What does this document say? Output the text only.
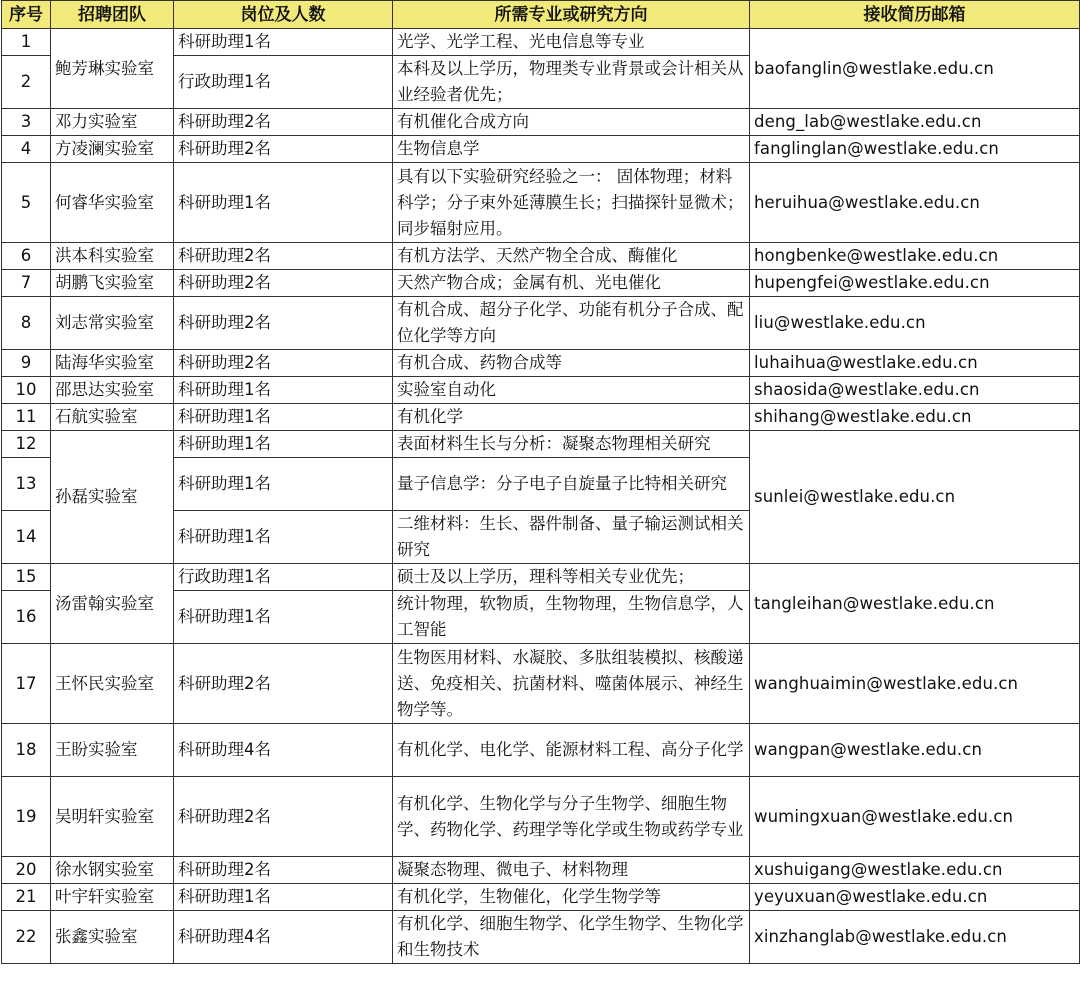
序号	招聘团队	岗位及人数	所需专业或研究方向	接收简历邮箱
1	鲍芳琳实验室	科研助理1名	光学、光学工程、光电信息等专业	baofanglin@westlake.edu.cn
2		行政助理1名	本科及以上学历，物理类专业背景或会计相关从业经验者优先；	
3	邓力实验室	科研助理2名	有机催化合成方向	deng_lab@westlake.edu.cn
4	方凌澜实验室	科研助理2名	生物信息学	fanglinglan@westlake.edu.cn
5	何睿华实验室	科研助理1名	具有以下实验研究经验之一： 固体物理；材料科学；分子束外延薄膜生长；扫描探针显微术；同步辐射应用。	heruihua@westlake.edu.cn
6	洪本科实验室	科研助理2名	有机方法学、天然产物全合成、酶催化	hongbenke@westlake.edu.cn
7	胡鹏飞实验室	科研助理2名	天然产物合成；金属有机、光电催化	hupengfei@westlake.edu.cn
8	刘志常实验室	科研助理2名	有机合成、超分子化学、功能有机分子合成、配位化学等方向	liu@westlake.edu.cn
9	陆海华实验室	科研助理2名	有机合成、药物合成等	luhaihua@westlake.edu.cn
10	邵思达实验室	科研助理1名	实验室自动化	shaosida@westlake.edu.cn
11	石航实验室	科研助理1名	有机化学	shihang@westlake.edu.cn
12	孙磊实验室	科研助理1名	表面材料生长与分析：凝聚态物理相关研究	sunlei@westlake.edu.cn
13		科研助理1名	量子信息学：分子电子自旋量子比特相关研究	
14		科研助理1名	二维材料：生长、器件制备、量子输运测试相关研究	
15	汤雷翰实验室	行政助理1名	硕士及以上学历，理科等相关专业优先；	tangleihan@westlake.edu.cn
16		科研助理1名	统计物理，软物质，生物物理，生物信息学，人工智能	
17	王怀民实验室	科研助理2名	生物医用材料、水凝胶、多肽组装模拟、核酸递送、免疫相关、抗菌材料、噬菌体展示、神经生物学等。	wanghuaimin@westlake.edu.cn
18	王盼实验室	科研助理4名	有机化学、电化学、能源材料工程、高分子化学	wangpan@westlake.edu.cn
19	吴明轩实验室	科研助理2名	有机化学、生物化学与分子生物学、细胞生物学、药物化学、药理学等化学或生物或药学专业	wumingxuan@westlake.edu.cn
20	徐水钢实验室	科研助理2名	凝聚态物理、微电子、材料物理	xushuigang@westlake.edu.cn
21	叶宇轩实验室	科研助理1名	有机化学，生物催化，化学生物学等	yeyuxuan@westlake.edu.cn
22	张鑫实验室	科研助理4名	有机化学、细胞生物学、化学生物学、生物化学和生物技术	xinzhanglab@westlake.edu.cn
